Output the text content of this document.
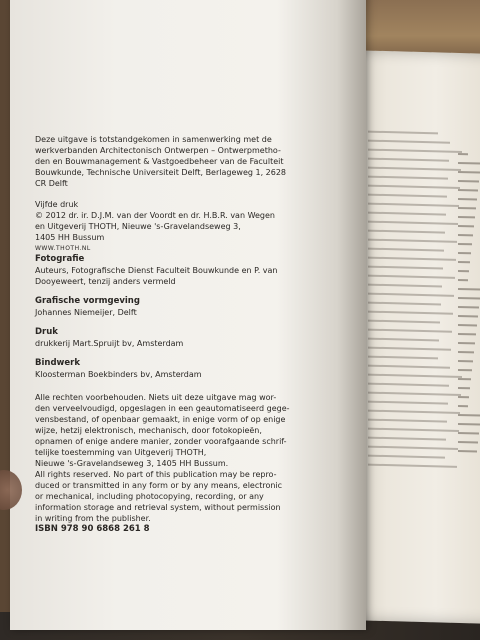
Deze uitgave is totstandgekomen in samenwerking met de
werkverbanden Architectonisch Ontwerpen – Ontwerpmetho-
den en Bouwmanagement & Vastgoedbeheer van de Faculteit
Bouwkunde, Technische Universiteit Delft, Berlageweg 1, 2628
CR Delft

Vijfde druk

© 2012 dr. ir. D.J.M. van der Voordt en dr. H.B.R. van Wegen
en Uitgeverij THOTH, Nieuwe 's-Gravelandseweg 3,
1405 HH Bussum

WWW.THOTH.NL

Fotografie

Auteurs, Fotografische Dienst Faculteit Bouwkunde en P. van
Dooyeweert, tenzij anders vermeld

Grafische vormgeving

Johannes Niemeijer, Delft

Druk

drukkerij Mart.Spruijt bv, Amsterdam

Bindwerk

Kloosterman Boekbinders bv, Amsterdam
Alle rechten voorbehouden. Niets uit deze uitgave mag wor-
den verveelvoudigd, opgeslagen in een geautomatiseerd gege-
vensbestand, of openbaar gemaakt, in enige vorm of op enige
wijze, hetzij elektronisch, mechanisch, door fotokopieën,
opnamen of enige andere manier, zonder voorafgaande schrif-
telijke toestemming van Uitgeverij THOTH,
Nieuwe 's-Gravelandseweg 3, 1405 HH Bussum.
All rights reserved. No part of this publication may be repro-
duced or transmitted in any form or by any means, electronic
or mechanical, including photocopying, recording, or any
information storage and retrieval system, without permission
in writing from the publisher.

ISBN 978 90 6868 261 8
